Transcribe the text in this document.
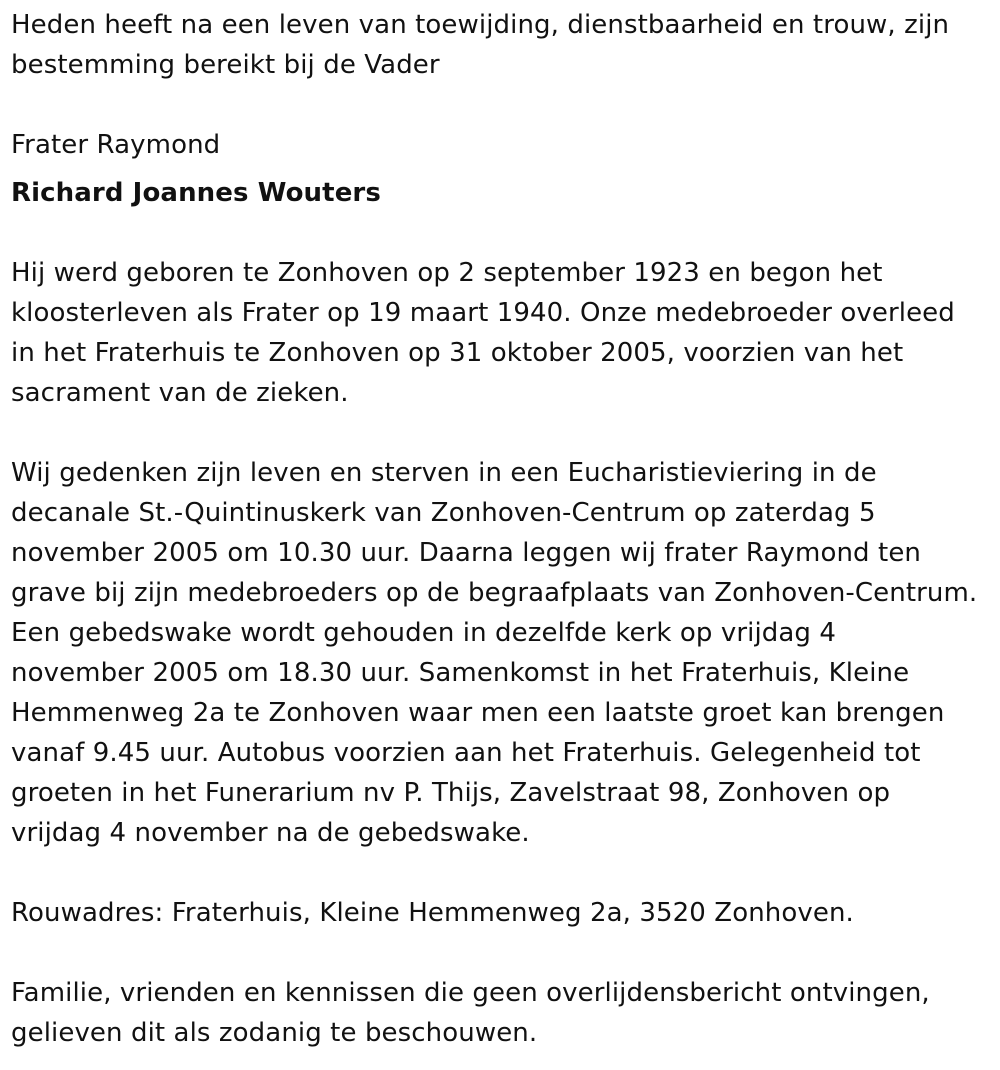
Heden heeft na een leven van toewijding, dienstbaarheid en trouw, zijn
bestemming bereikt bij de Vader
Frater Raymond
Richard Joannes Wouters
Hij werd geboren te Zonhoven op 2 september 1923 en begon het
kloosterleven als Frater op 19 maart 1940. Onze medebroeder overleed
in het Fraterhuis te Zonhoven op 31 oktober 2005, voorzien van het
sacrament van de zieken.
Wij gedenken zijn leven en sterven in een Eucharistieviering in de
decanale St.-Quintinuskerk van Zonhoven-Centrum op zaterdag 5
november 2005 om 10.30 uur. Daarna leggen wij frater Raymond ten
grave bij zijn medebroeders op de begraafplaats van Zonhoven-Centrum.
Een gebedswake wordt gehouden in dezelfde kerk op vrijdag 4
november 2005 om 18.30 uur. Samenkomst in het Fraterhuis, Kleine
Hemmenweg 2a te Zonhoven waar men een laatste groet kan brengen
vanaf 9.45 uur. Autobus voorzien aan het Fraterhuis. Gelegenheid tot
groeten in het Funerarium nv P. Thijs, Zavelstraat 98, Zonhoven op
vrijdag 4 november na de gebedswake.
Rouwadres: Fraterhuis, Kleine Hemmenweg 2a, 3520 Zonhoven.
Familie, vrienden en kennissen die geen overlijdensbericht ontvingen,
gelieven dit als zodanig te beschouwen.
